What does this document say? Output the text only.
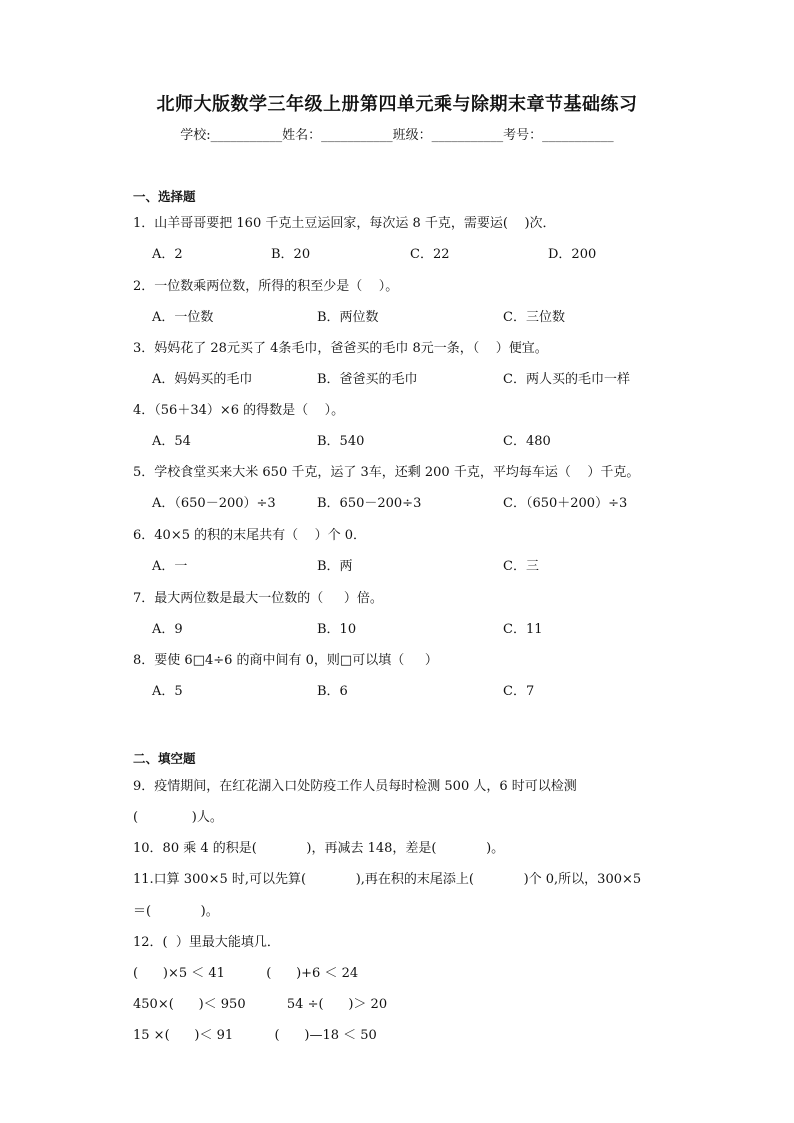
北师大版数学三年级上册第四单元乘与除期末章节基础练习
学校:___________姓名：___________班级：___________考号：___________
一、选择题
1．山羊哥哥要把 160 千克土豆运回家，每次运 8 千克，需要运(    )次．
A．2	B．20	C．22	D．200
2．一位数乘两位数，所得的积至少是（    ）。
A．一位数	B．两位数	C．三位数
3．妈妈花了 28元买了 4条毛巾，爸爸买的毛巾 8元一条，（    ）便宜。
A．妈妈买的毛巾	B．爸爸买的毛巾	C．两人买的毛巾一样
4．（56＋34）×6 的得数是（    ）。
A．54	B．540	C．480
5．学校食堂买来大米 650 千克，运了 3车，还剩 200 千克，平均每车运（    ）千克。
A．（650－200）÷3	B．650－200÷3	C．（650＋200）÷3
6．40×5 的积的末尾共有（    ）个 0．
A．一	B．两	C．三
7．最大两位数是最大一位数的（     ）倍。
A．9	B．10	C．11
8．要使 6□4÷6 的商中间有 0，则□可以填（     ）
A．5	B．6	C．7
二、填空题
9．疫情期间，在红花湖入口处防疫工作人员每时检测 500 人，6 时可以检测
(             )人。
10．80 乘 4 的积是(            )，再减去 148，差是(            )。
11.口算 300×5 时,可以先算(            ),再在积的末尾添上(            )个 0,所以，300×5
＝(            )。
12．(  ）里最大能填几．
(      )×5 ＜ 41          (      )+6 ＜ 24
450×(      )＜ 950          54 ÷(      )＞ 20
15 ×(      )＜ 91          (      )—18 ＜ 50
